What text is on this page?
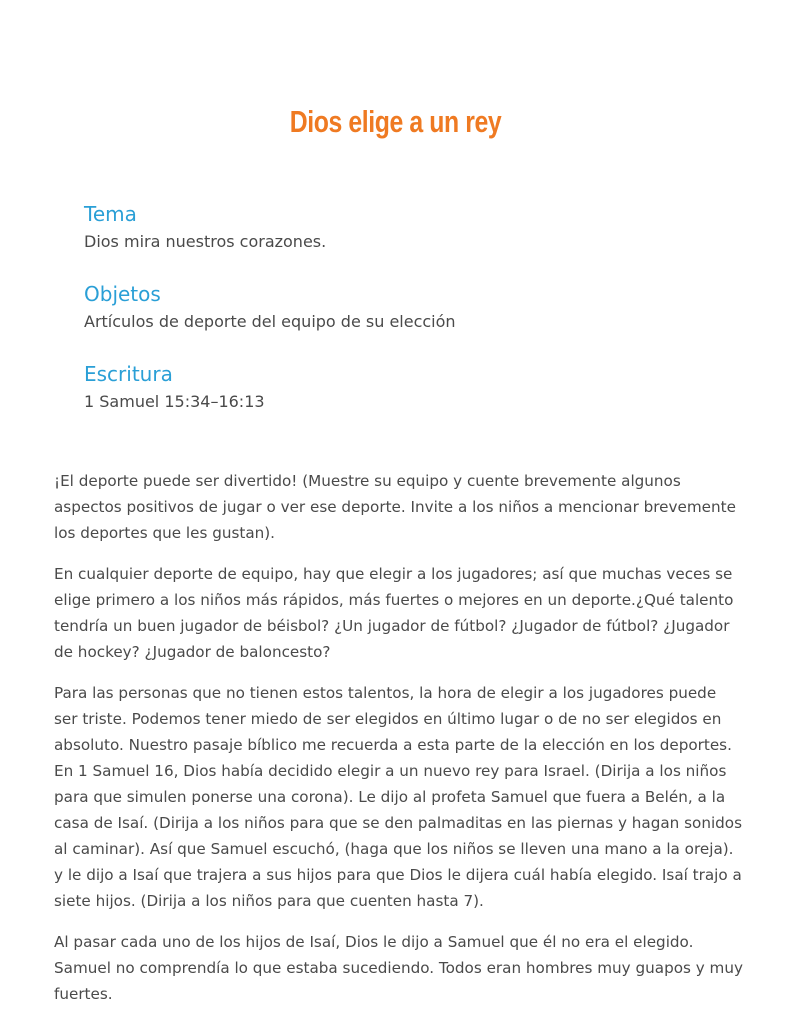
Dios elige a un rey

Tema

Dios mira nuestros corazones.

Objetos

Artículos de deporte del equipo de su elección

Escritura

1 Samuel 15:34–16:13

¡El deporte puede ser divertido! (Muestre su equipo y cuente brevemente algunos aspectos positivos de jugar o ver ese deporte. Invite a los niños a mencionar brevemente los deportes que les gustan).

En cualquier deporte de equipo, hay que elegir a los jugadores; así que muchas veces se elige primero a los niños más rápidos, más fuertes o mejores en un deporte.¿Qué talento tendría un buen jugador de béisbol? ¿Un jugador de fútbol? ¿Jugador de fútbol? ¿Jugador de hockey? ¿Jugador de baloncesto?

Para las personas que no tienen estos talentos, la hora de elegir a los jugadores puede ser triste. Podemos tener miedo de ser elegidos en último lugar o de no ser elegidos en absoluto. Nuestro pasaje bíblico me recuerda a esta parte de la elección en los deportes. En 1 Samuel 16, Dios había decidido elegir a un nuevo rey para Israel. (Dirija a los niños para que simulen ponerse una corona). Le dijo al profeta Samuel que fuera a Belén, a la casa de Isaí. (Dirija a los niños para que se den palmaditas en las piernas y hagan sonidos al caminar). Así que Samuel escuchó, (haga que los niños se lleven una mano a la oreja). y le dijo a Isaí que trajera a sus hijos para que Dios le dijera cuál había elegido. Isaí trajo a siete hijos. (Dirija a los niños para que cuenten hasta 7).

Al pasar cada uno de los hijos de Isaí, Dios le dijo a Samuel que él no era el elegido. Samuel no comprendía lo que estaba sucediendo. Todos eran hombres muy guapos y muy fuertes.
